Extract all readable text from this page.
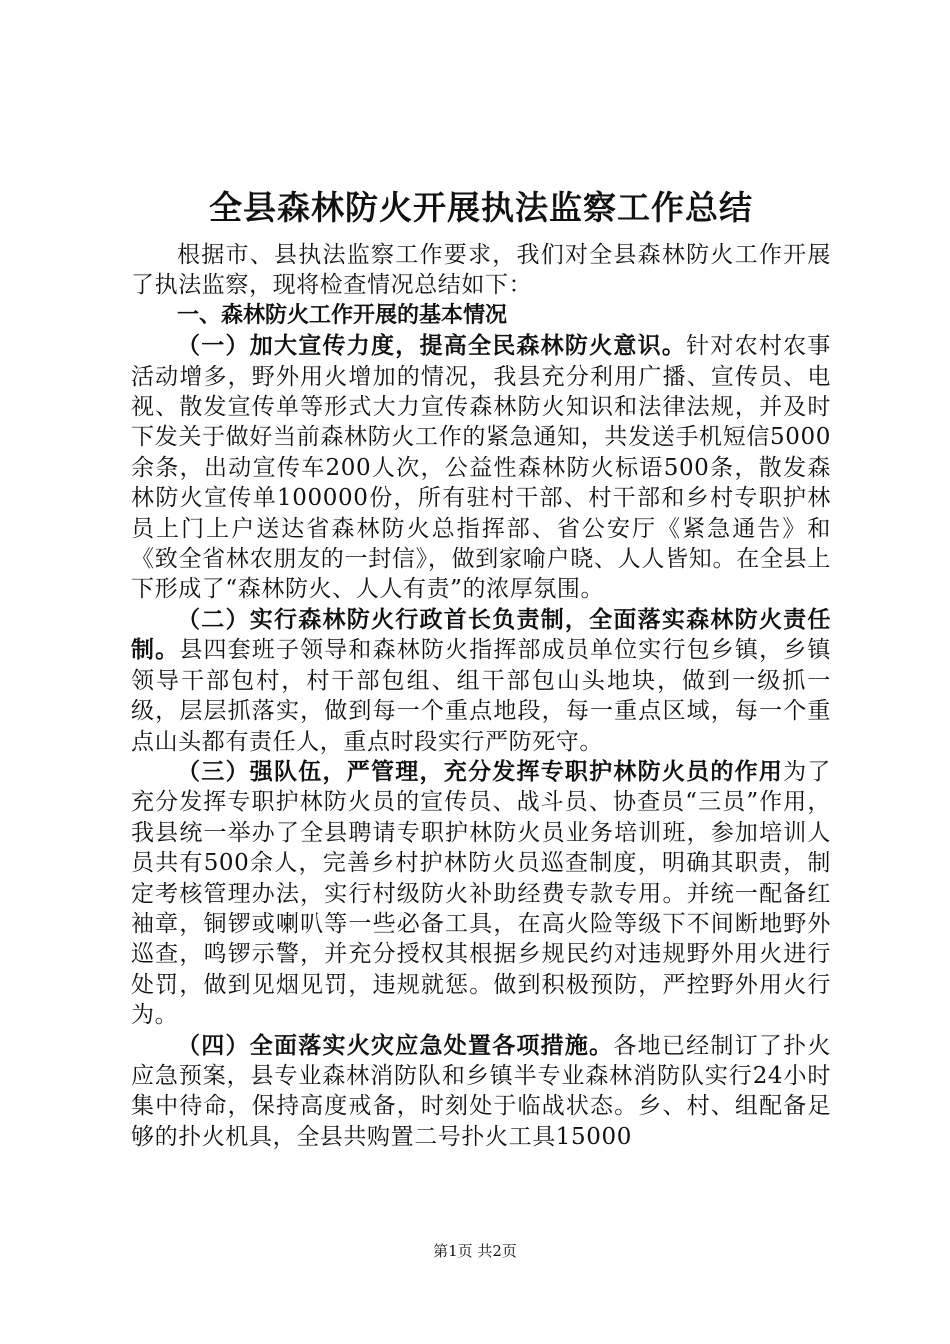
全县森林防火开展执法监察工作总结

根据市、县执法监察工作要求，我们对全县森林防火工作开展了执法监察，现将检查情况总结如下：

一、森林防火工作开展的基本情况

（一）加大宣传力度，提高全民森林防火意识。针对农村农事活动增多，野外用火增加的情况，我县充分利用广播、宣传员、电视、散发宣传单等形式大力宣传森林防火知识和法律法规，并及时下发关于做好当前森林防火工作的紧急通知，共发送手机短信5000余条，出动宣传车200人次，公益性森林防火标语500条，散发森林防火宣传单100000份，所有驻村干部、村干部和乡村专职护林员上门上户送达省森林防火总指挥部、省公安厅《紧急通告》和《致全省林农朋友的一封信》，做到家喻户晓、人人皆知。在全县上下形成了“森林防火、人人有责”的浓厚氛围。

（二）实行森林防火行政首长负责制，全面落实森林防火责任制。县四套班子领导和森林防火指挥部成员单位实行包乡镇，乡镇领导干部包村，村干部包组、组干部包山头地块，做到一级抓一级，层层抓落实，做到每一个重点地段，每一重点区域，每一个重点山头都有责任人，重点时段实行严防死守。

（三）强队伍，严管理，充分发挥专职护林防火员的作用为了充分发挥专职护林防火员的宣传员、战斗员、协查员“三员”作用，我县统一举办了全县聘请专职护林防火员业务培训班，参加培训人员共有500余人，完善乡村护林防火员巡查制度，明确其职责，制定考核管理办法，实行村级防火补助经费专款专用。并统一配备红袖章，铜锣或喇叭等一些必备工具，在高火险等级下不间断地野外巡查，鸣锣示警，并充分授权其根据乡规民约对违规野外用火进行处罚，做到见烟见罚，违规就惩。做到积极预防，严控野外用火行为。

（四）全面落实火灾应急处置各项措施。各地已经制订了扑火应急预案，县专业森林消防队和乡镇半专业森林消防队实行24小时集中待命，保持高度戒备，时刻处于临战状态。乡、村、组配备足够的扑火机具，全县共购置二号扑火工具15000

第1页 共2页
